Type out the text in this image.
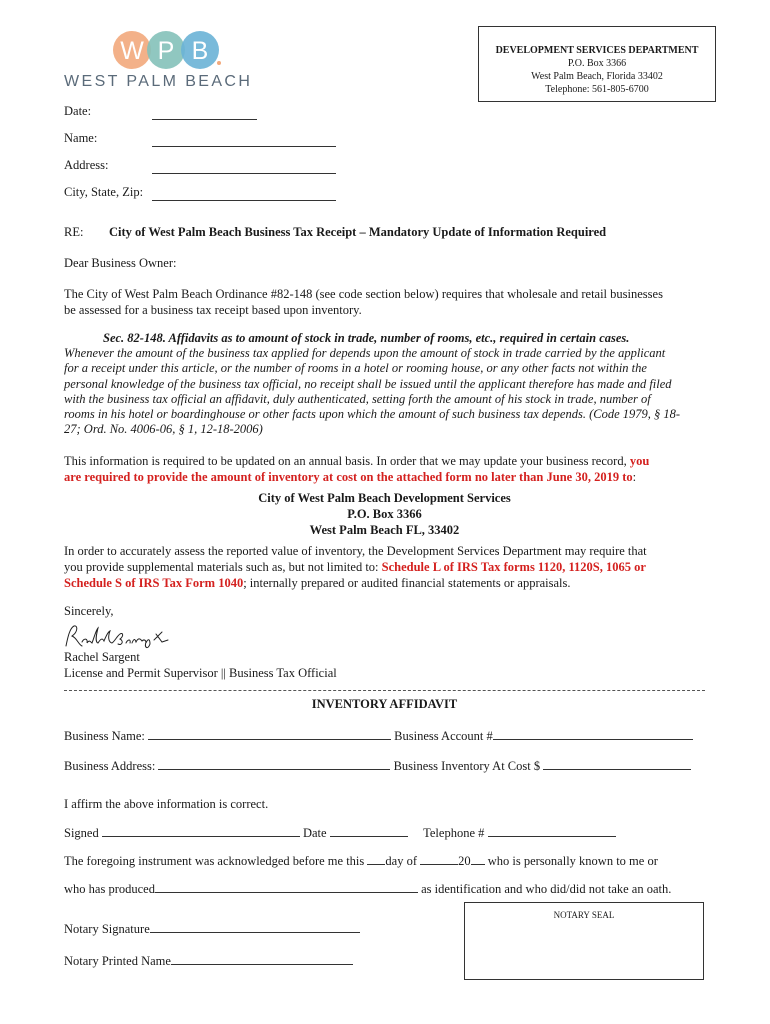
W P B
WEST PALM BEACH
DEVELOPMENT SERVICES DEPARTMENT
P.O. Box 3366
West Palm Beach, Florida 33402
Telephone: 561-805-6700
Date:
Name:
Address:
City, State, Zip:
RE: City of West Palm Beach Business Tax Receipt – Mandatory Update of Information Required
Dear Business Owner:
The City of West Palm Beach Ordinance #82-148 (see code section below) requires that wholesale and retail businesses
be assessed for a business tax receipt based upon inventory.
Sec. 82-148. Affidavits as to amount of stock in trade, number of rooms, etc., required in certain cases.
Whenever the amount of the business tax applied for depends upon the amount of stock in trade carried by the applicant
for a receipt under this article, or the number of rooms in a hotel or rooming house, or any other facts not within the
personal knowledge of the business tax official, no receipt shall be issued until the applicant therefore has made and filed
with the business tax official an affidavit, duly authenticated, setting forth the amount of his stock in trade, number of
rooms in his hotel or boardinghouse or other facts upon which the amount of such business tax depends. (Code 1979, § 18-
27; Ord. No. 4006-06, § 1, 12-18-2006)
This information is required to be updated on an annual basis. In order that we may update your business record, you
are required to provide the amount of inventory at cost on the attached form no later than June 30, 2019 to:
City of West Palm Beach Development Services
P.O. Box 3366
West Palm Beach FL, 33402
In order to accurately assess the reported value of inventory, the Development Services Department may require that
you provide supplemental materials such as, but not limited to: Schedule L of IRS Tax forms 1120, 1120S, 1065 or
Schedule S of IRS Tax Form 1040; internally prepared or audited financial statements or appraisals.
Sincerely,
Rachel Sargent
License and Permit Supervisor || Business Tax Official
INVENTORY AFFIDAVIT
Business Name:	Business Account #
Business Address:	Business Inventory At Cost $
I affirm the above information is correct.
Signed	Date	Telephone #
The foregoing instrument was acknowledged before me this day of	20 who is personally known to me or
who has produced	as identification and who did/did not take an oath.
NOTARY SEAL
Notary Signature
Notary Printed Name
